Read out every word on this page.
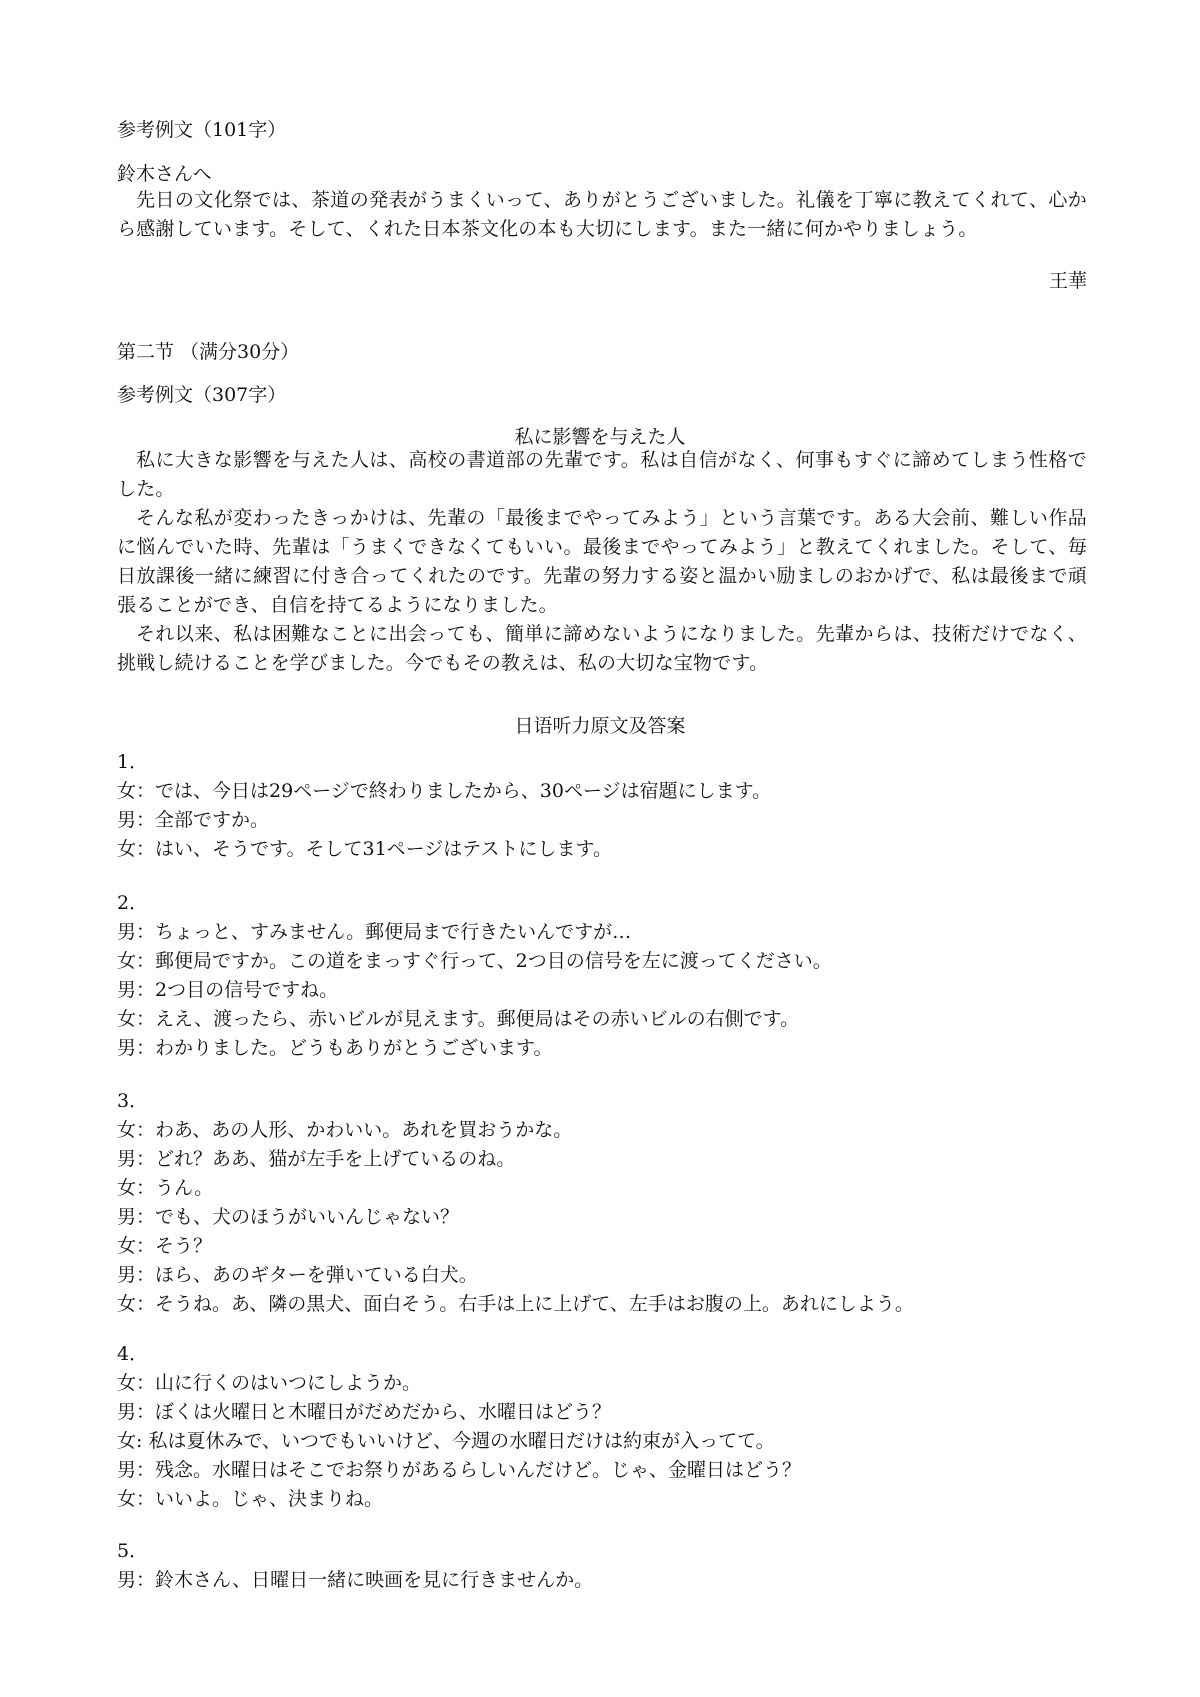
参考例文（101字）
鈴木さんへ

先日の文化祭では、茶道の発表がうまくいって、ありがとうございました。礼儀を丁寧に教えてくれて、心から感謝しています。そして、くれた日本茶文化の本も大切にします。また一緒に何かやりましょう。

王華
第二节 （满分30分）
参考例文（307字）
私に影響を与えた人

私に大きな影響を与えた人は、高校の書道部の先輩です。私は自信がなく、何事もすぐに諦めてしまう性格でした。

そんな私が変わったきっかけは、先輩の「最後までやってみよう」という言葉です。ある大会前、難しい作品に悩んでいた時、先輩は「うまくできなくてもいい。最後までやってみよう」と教えてくれました。そして、毎日放課後一緒に練習に付き合ってくれたのです。先輩の努力する姿と温かい励ましのおかげで、私は最後まで頑張ることができ、自信を持てるようになりました。

それ以来、私は困難なことに出会っても、簡単に諦めないようになりました。先輩からは、技術だけでなく、挑戦し続けることを学びました。今でもその教えは、私の大切な宝物です。

日语听力原文及答案
1．
女：では、今日は29ページで終わりましたから、30ページは宿題にします。
男：全部ですか。
女：はい、そうです。そして31ページはテストにします。
2．
男：ちょっと、すみません。郵便局まで行きたいんですが…
女：郵便局ですか。この道をまっすぐ行って、2つ目の信号を左に渡ってください。
男：2つ目の信号ですね。
女：ええ、渡ったら、赤いビルが見えます。郵便局はその赤いビルの右側です。
男：わかりました。どうもありがとうございます。
3．
女：わあ、あの人形、かわいい。あれを買おうかな。
男：どれ？ああ、猫が左手を上げているのね。
女：うん。
男：でも、犬のほうがいいんじゃない？
女：そう？
男：ほら、あのギターを弾いている白犬。
女：そうね。あ、隣の黒犬、面白そう。右手は上に上げて、左手はお腹の上。あれにしよう。
4．
女：山に行くのはいつにしようか。
男：ぼくは火曜日と木曜日がだめだから、水曜日はどう？
女: 私は夏休みで、いつでもいいけど、今週の水曜日だけは約束が入ってて。
男：残念。水曜日はそこでお祭りがあるらしいんだけど。じゃ、金曜日はどう？
女：いいよ。じゃ、決まりね。
5．
男：鈴木さん、日曜日一緒に映画を見に行きませんか。
